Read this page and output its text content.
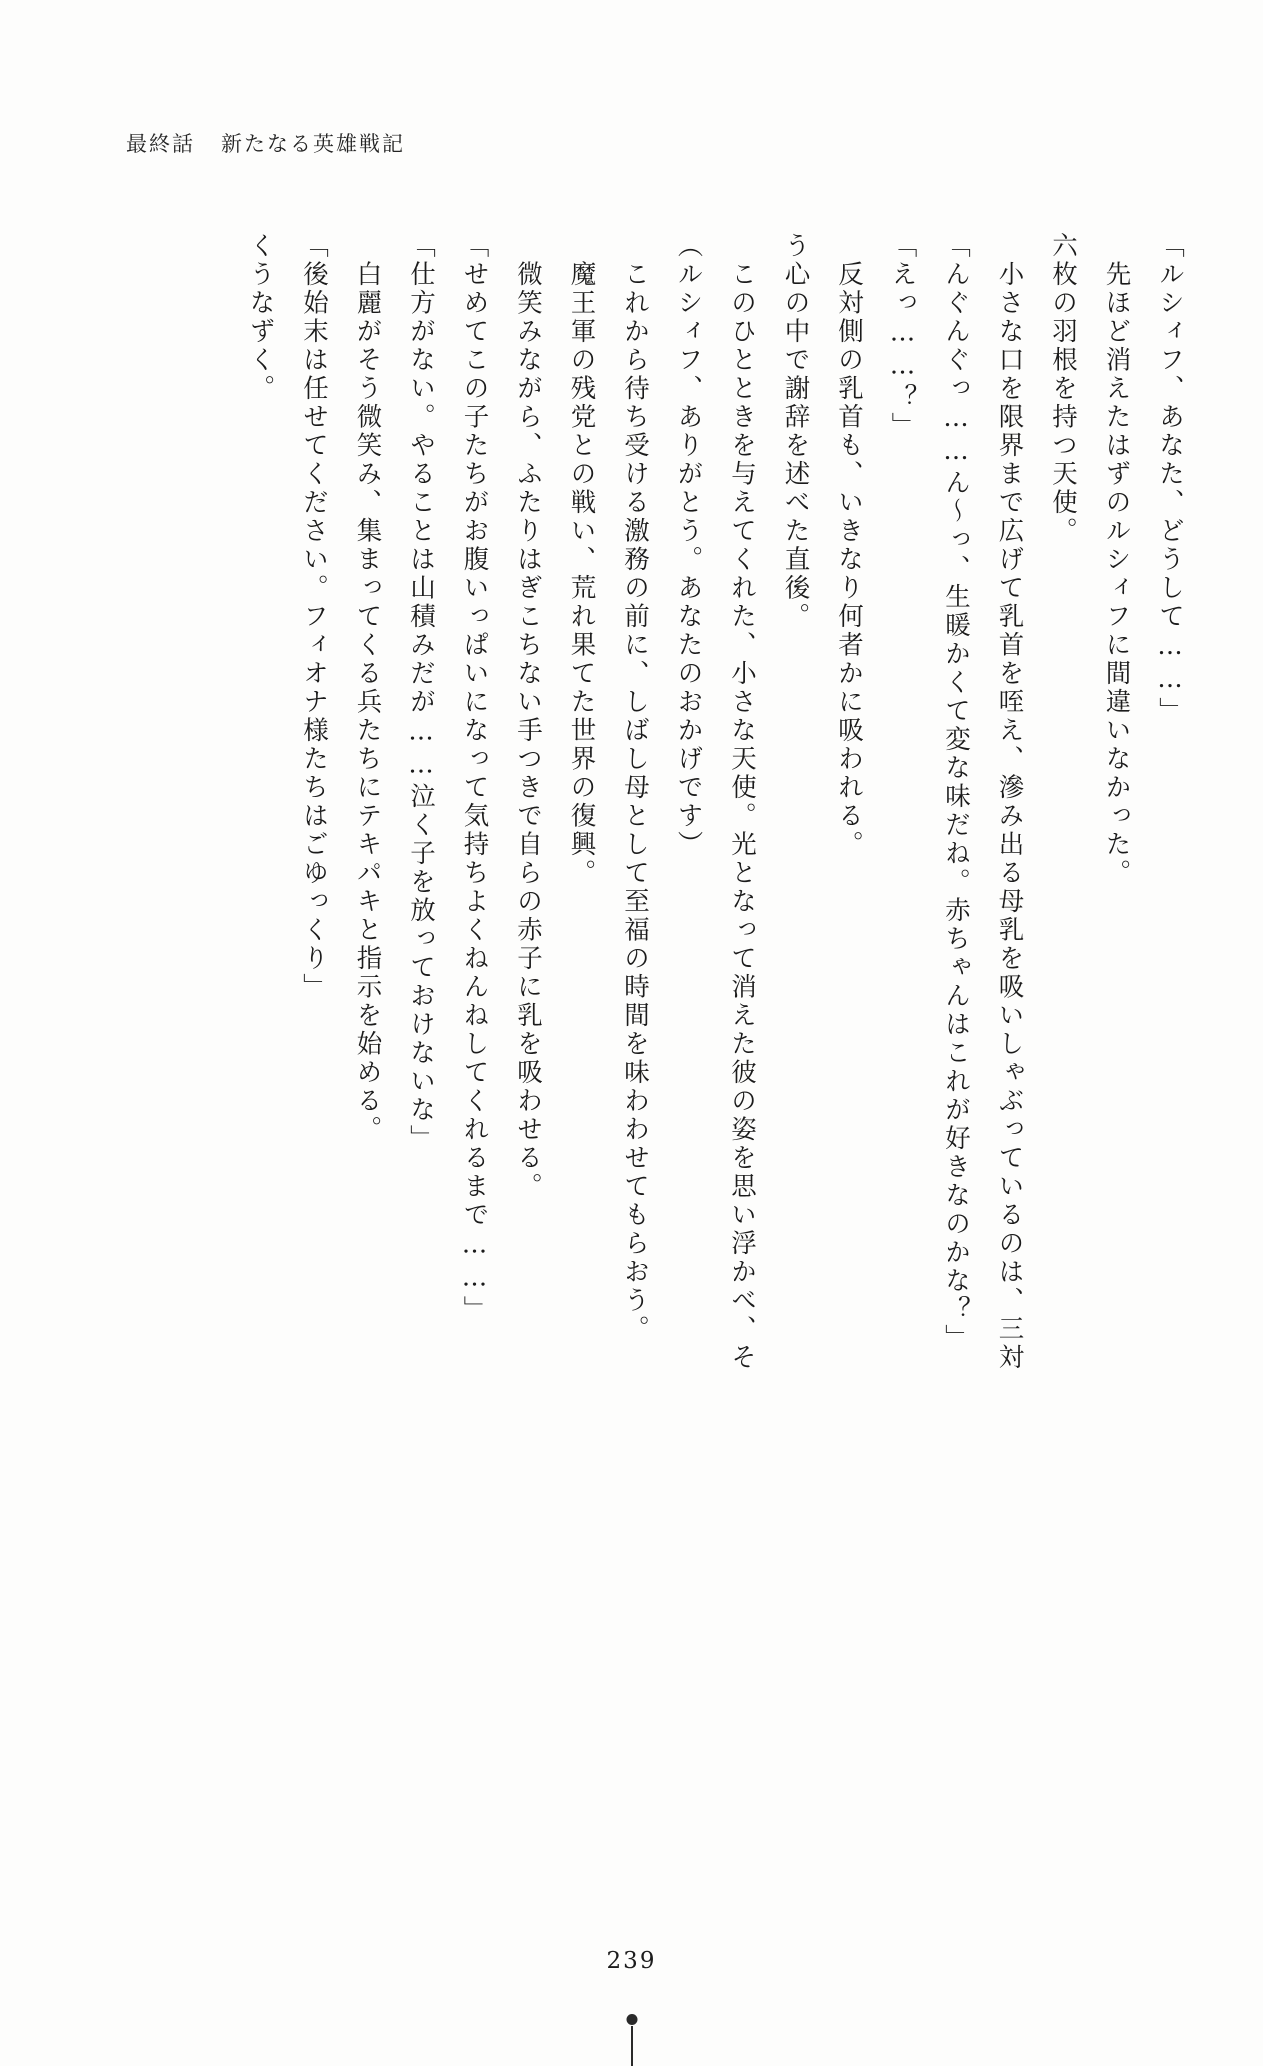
最終話 新たなる英雄戦記
くうなずく。 「後始末は任せてください。フィオナ様たちはごゆっくり」 　白麗がそう微笑み、集まってくる兵たちにテキパキと指示を始める。 「仕方がない。やることは山積みだが……泣く子を放っておけないな」 「せめてこの子たちがお腹いっぱいになって気持ちよくねんねしてくれるまで……」 　微笑みながら、ふたりはぎこちない手つきで自らの赤子に乳を吸わせる。 　魔王軍の残党との戦い、荒れ果てた世界の復興。 　これから待ち受ける激務の前に、しばし母として至福の時間を味わわせてもらおう。 （ルシィフ、ありがとう。あなたのおかげです） 　このひとときを与えてくれた、小さな天使。光となって消えた彼の姿を思い浮かべ、そ う心の中で謝辞を述べた直後。 　反対側の乳首も、いきなり何者かに吸われる。 「えっ……？」 「んぐんぐっ……ん～っ、生暖かくて変な味だね。赤ちゃんはこれが好きなのかな？」 　小さな口を限界まで広げて乳首を咥え、滲み出る母乳を吸いしゃぶっているのは、三対 六枚の羽根を持つ天使。 　先ほど消えたはずのルシィフに間違いなかった。 「ルシィフ、あなた、どうして……」
239
